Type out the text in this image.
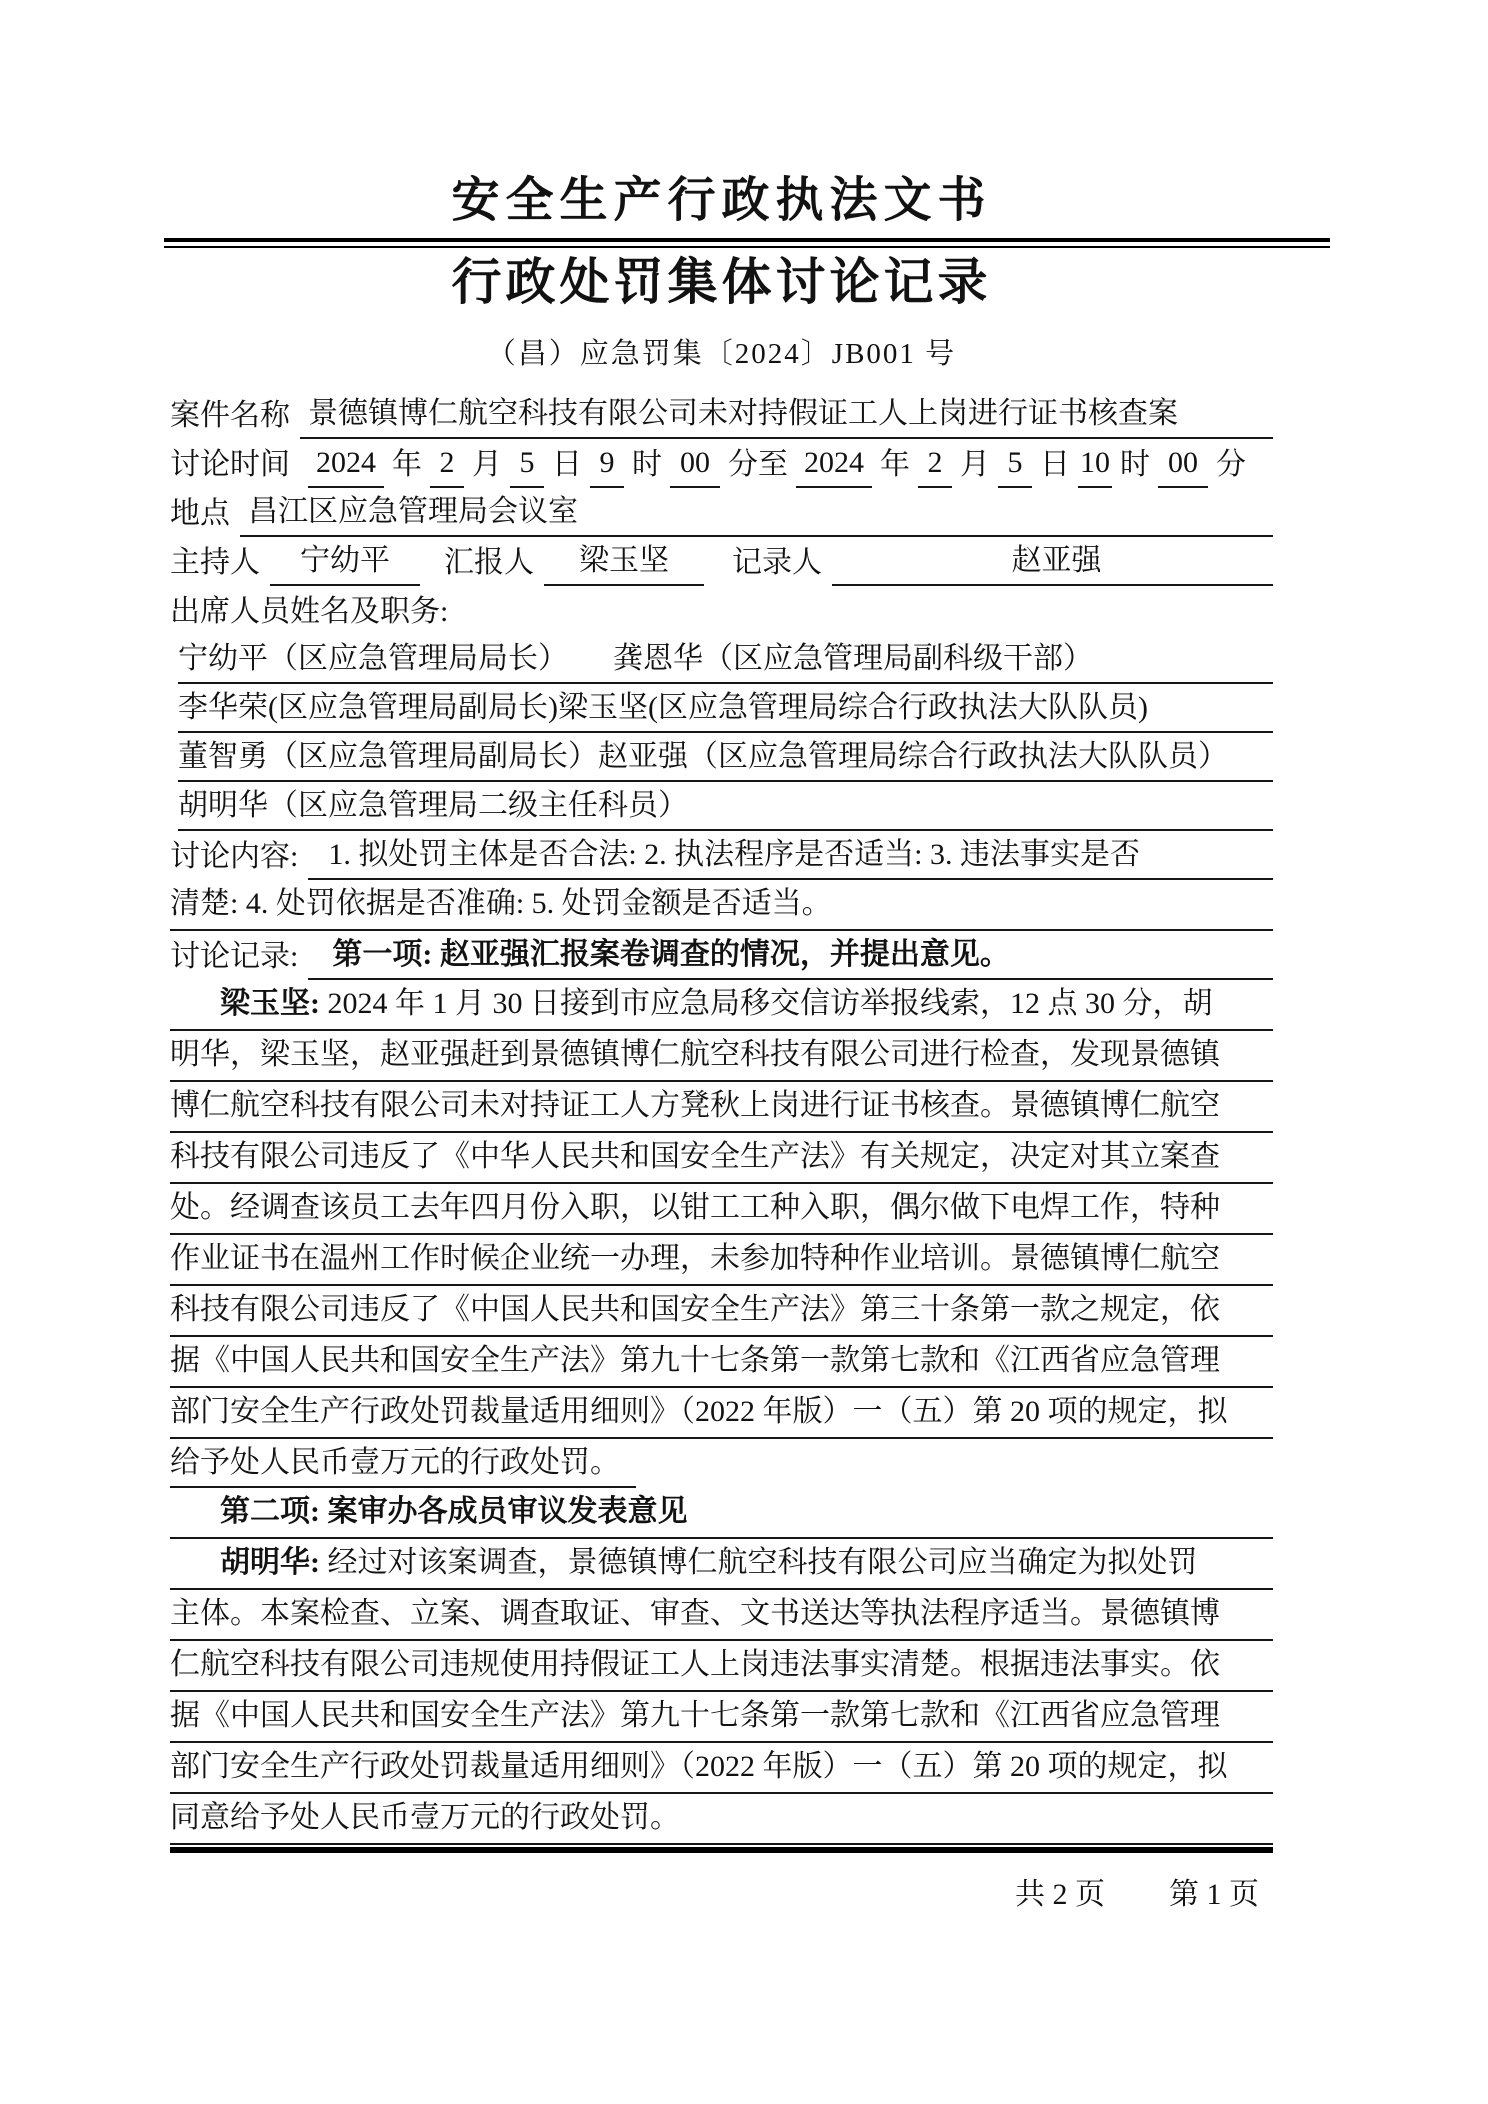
安全生产行政执法文书
行政处罚集体讨论记录
（昌）应急罚集〔2024〕JB001 号
案件名称 景德镇博仁航空科技有限公司未对持假证工人上岗进行证书核查案
讨论时间 2024 年 2 月 5 日 9 时 00 分至 2024 年 2 月 5 日 10 时 00 分
地点 昌江区应急管理局会议室
主持人	宁幼平	汇报人	梁玉坚	记录人	赵亚强
出席人员姓名及职务:
宁幼平（区应急管理局局长）　　龚恩华（区应急管理局副科级干部）
李华荣(区应急管理局副局长)梁玉坚(区应急管理局综合行政执法大队队员)
董智勇（区应急管理局副局长）赵亚强（区应急管理局综合行政执法大队队员）
胡明华（区应急管理局二级主任科员）
讨论内容:	1. 拟处罚主体是否合法: 2. 执法程序是否适当: 3. 违法事实是否
清楚: 4. 处罚依据是否准确: 5. 处罚金额是否适当。
讨论记录:	第一项: 赵亚强汇报案卷调查的情况，并提出意见。
梁玉坚: 2024 年 1 月 30 日接到市应急局移交信访举报线索，12 点 30 分，胡
明华，梁玉坚，赵亚强赶到景德镇博仁航空科技有限公司进行检查，发现景德镇
博仁航空科技有限公司未对持证工人方凳秋上岗进行证书核查。景德镇博仁航空
科技有限公司违反了《中华人民共和国安全生产法》有关规定，决定对其立案查
处。经调查该员工去年四月份入职，以钳工工种入职，偶尔做下电焊工作，特种
作业证书在温州工作时候企业统一办理，未参加特种作业培训。景德镇博仁航空
科技有限公司违反了《中国人民共和国安全生产法》第三十条第一款之规定，依
据《中国人民共和国安全生产法》第九十七条第一款第七款和《江西省应急管理
部门安全生产行政处罚裁量适用细则》（2022 年版）一（五）第 20 项的规定，拟
给予处人民币壹万元的行政处罚。
第二项: 案审办各成员审议发表意见
胡明华: 经过对该案调查，景德镇博仁航空科技有限公司应当确定为拟处罚
主体。本案检查、立案、调查取证、审查、文书送达等执法程序适当。景德镇博
仁航空科技有限公司违规使用持假证工人上岗违法事实清楚。根据违法事实。依
据《中国人民共和国安全生产法》第九十七条第一款第七款和《江西省应急管理
部门安全生产行政处罚裁量适用细则》（2022 年版）一（五）第 20 项的规定，拟
同意给予处人民币壹万元的行政处罚。
共 2 页 第 1 页
